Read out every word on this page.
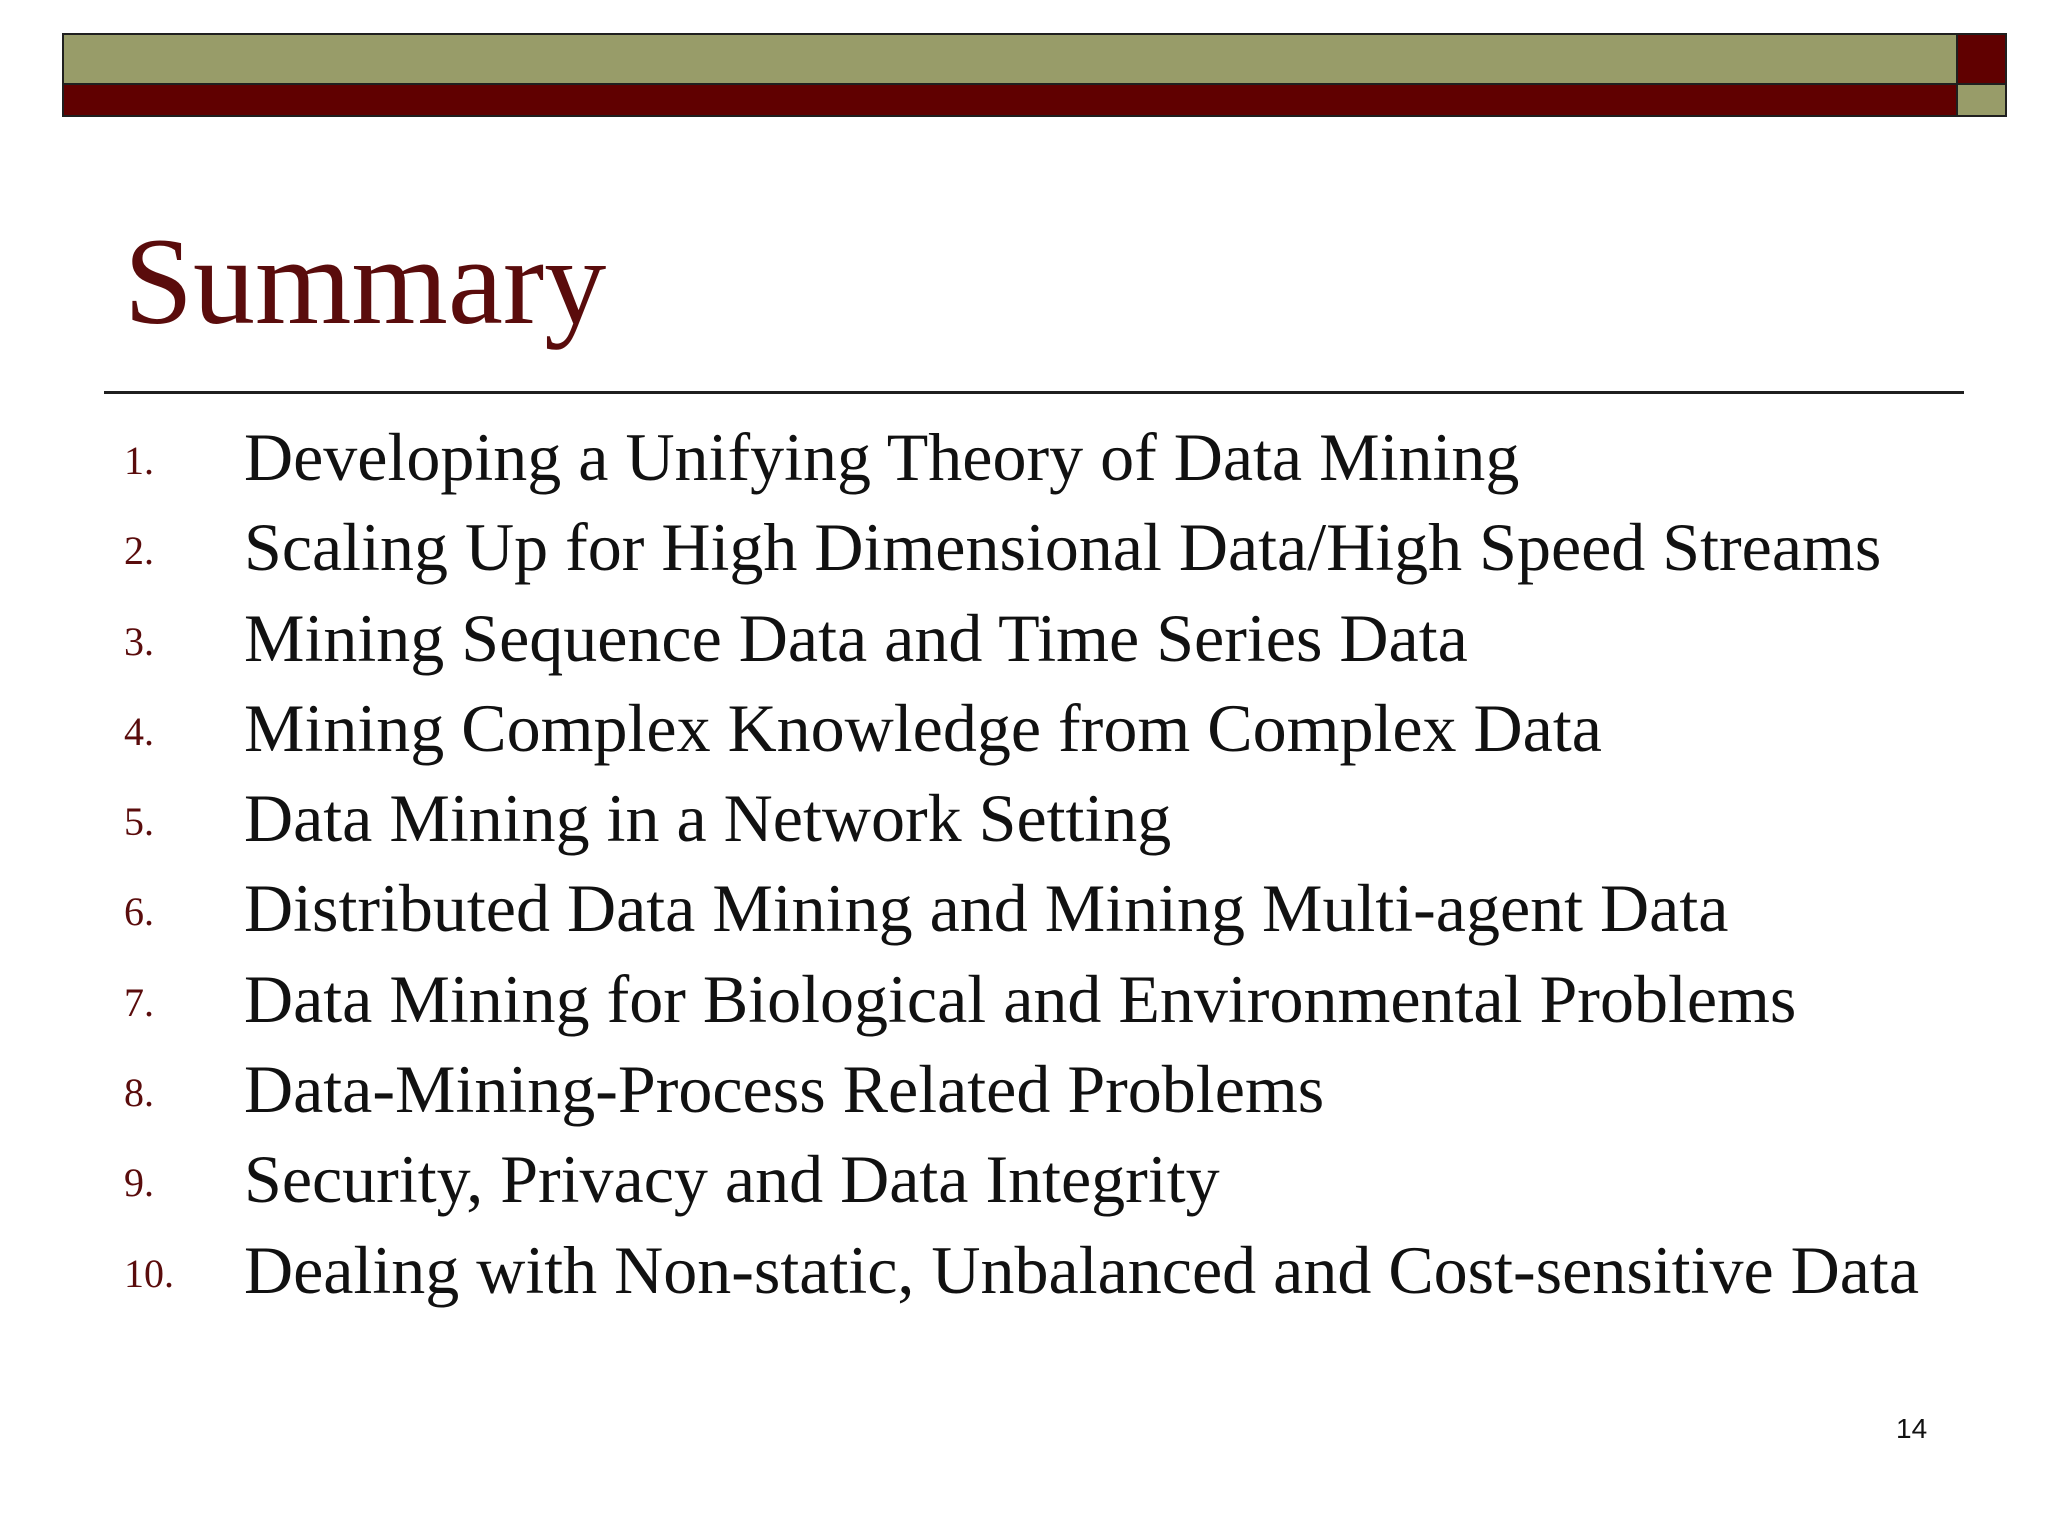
Summary
1. Developing a Unifying Theory of Data Mining
2. Scaling Up for High Dimensional Data/High Speed Streams
3. Mining Sequence Data and Time Series Data
4. Mining Complex Knowledge from Complex Data
5. Data Mining in a Network Setting
6. Distributed Data Mining and Mining Multi-agent Data
7. Data Mining for Biological and Environmental Problems
8. Data-Mining-Process Related Problems
9. Security, Privacy and Data Integrity
10. Dealing with Non-static, Unbalanced and Cost-sensitive Data
14
